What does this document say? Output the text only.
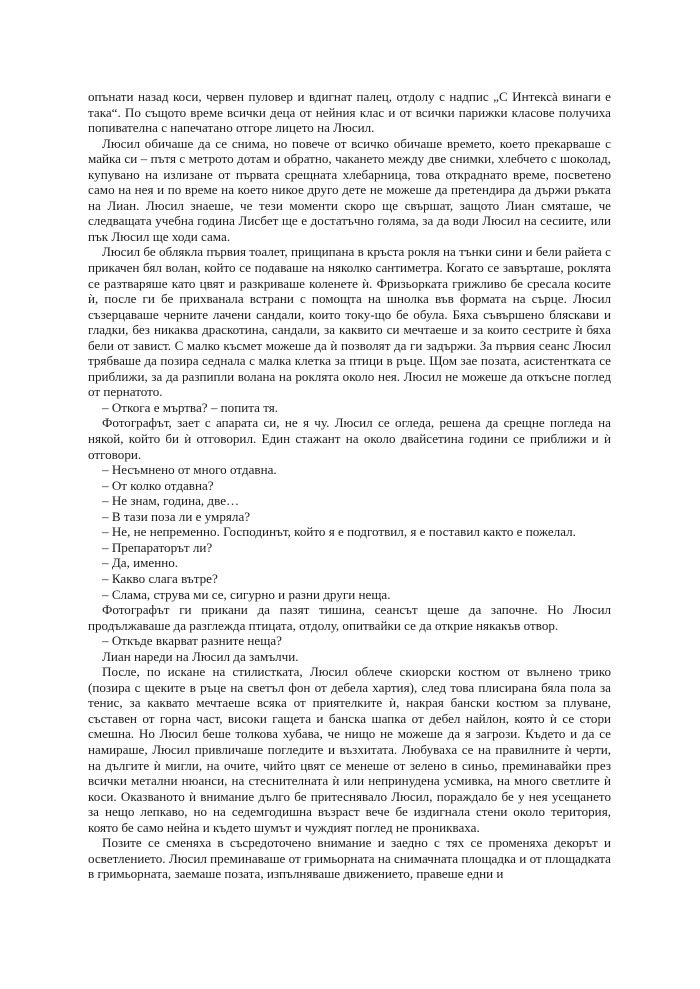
опънати назад коси, червен пуловер и вдигнат палец, отдолу с надпис „С Интексà винаги е така“. По същото време всички деца от нейния клас и от всички парижки класове получиха попивателна с напечатано отгоре лицето на Люсил.

Люсил обичаше да се снима, но повече от всичко обичаше времето, което прекарваше с майка си – пътя с метрото дотам и обратно, чакането между две снимки, хлебчето с шоколад, купувано на излизане от първата срещната хлебарница, това откраднато време, посветено само на нея и по време на което никое друго дете не можеше да претендира да държи ръката на Лиан. Люсил знаеше, че тези моменти скоро ще свършат, защото Лиан смяташе, че следващата учебна година Лисбет ще е достатъчно голяма, за да води Люсил на сесиите, или пък Люсил ще ходи сама.

Люсил бе облякла първия тоалет, прищипана в кръста рокля на тънки сини и бели райета с прикачен бял волан, който се подаваше на няколко сантиметра. Когато се завърташе, роклята се разтваряше като цвят и разкриваше коленете ѝ. Фризьорката грижливо бе сресала косите ѝ, после ги бе прихванала встрани с помощта на шнолка във формата на сърце. Люсил съзерцаваше черните лачени сандали, които току-що бе обула. Бяха съвършено бляскави и гладки, без никаква драскотина, сандали, за каквито си мечтаеше и за които сестрите ѝ бяха бели от завист. С малко късмет можеше да ѝ позволят да ги задържи. За първия сеанс Люсил трябваше да позира седнала с малка клетка за птици в ръце. Щом зае позата, асистентката се приближи, за да разпипли волана на роклята около нея. Люсил не можеше да откъсне поглед от пернатото.

– Откога е мъртва? – попита тя.

Фотографът, зает с апарата си, не я чу. Люсил се огледа, решена да срещне погледа на някой, който би ѝ отговорил. Един стажант на около двайсетина години се приближи и ѝ отговори.

– Несъмнено от много отдавна.

– От колко отдавна?

– Не знам, година, две…

– В тази поза ли е умряла?

– Не, не непременно. Господинът, който я е подготвил, я е поставил както е пожелал.

– Препараторът ли?

– Да, именно.

– Какво слага вътре?

– Слама, струва ми се, сигурно и разни други неща.

Фотографът ги прикани да пазят тишина, сеансът щеше да започне. Но Люсил продължаваше да разглежда птицата, отдолу, опитвайки се да открие някакъв отвор.

– Откъде вкарват разните неща?

Лиан нареди на Люсил да замълчи.

После, по искане на стилистката, Люсил облече скиорски костюм от вълнено трико (позира с щеките в ръце на светъл фон от дебела хартия), след това плисирана бяла пола за тенис, за каквато мечтаеше всяка от приятелките ѝ, накрая бански костюм за плуване, съставен от горна част, високи гащета и банска шапка от дебел найлон, която ѝ се стори смешна. Но Люсил беше толкова хубава, че нищо не можеше да я загрози. Където и да се намираше, Люсил привличаше погледите и възхитата. Любуваха се на правилните ѝ черти, на дългите ѝ мигли, на очите, чийто цвят се менеше от зелено в синьо, преминавайки през всички метални нюанси, на стеснителната ѝ или непринудена усмивка, на много светлите ѝ коси. Оказваното ѝ внимание дълго бе притеснявало Люсил, пораждало бе у нея усещането за нещо лепкаво, но на седемгодишна възраст вече бе издигнала стени около територия, която бе само нейна и където шумът и чуждият поглед не проникваха.

Позите се сменяха в съсредоточено внимание и заедно с тях се променяха декорът и осветлението. Люсил преминаваше от гримьорната на снимачната площадка и от площадката в гримьорната, заемаше позата, изпълняваше движението, правеше едни и
